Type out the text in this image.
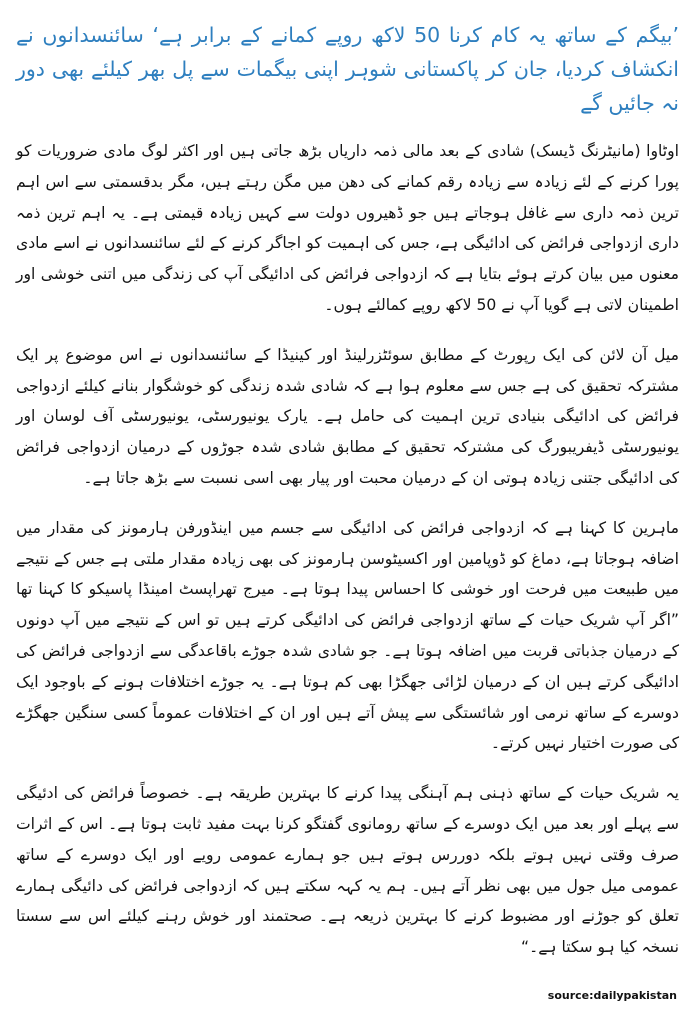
’بیگم کے ساتھ یہ کام کرنا 50 لاکھ روپے کمانے کے برابر ہے‘ سائنسدانوں نے انکشاف کردیا، جان کر پاکستانی شوہر اپنی بیگمات سے پل بھر کیلئے بھی دور نہ جائیں گے

اوٹاوا (مانیٹرنگ ڈیسک) شادی کے بعد مالی ذمہ داریاں بڑھ جاتی ہیں اور اکثر لوگ مادی ضروریات کو پورا کرنے کے لئے زیادہ سے زیادہ رقم کمانے کی دھن میں مگن رہتے ہیں، مگر بدقسمتی سے اس اہم ترین ذمہ داری سے غافل ہوجاتے ہیں جو ڈھیروں دولت سے کہیں زیادہ قیمتی ہے۔ یہ اہم ترین ذمہ داری ازدواجی فرائض کی ادائیگی ہے، جس کی اہمیت کو اجاگر کرنے کے لئے سائنسدانوں نے اسے مادی معنوں میں بیان کرتے ہوئے بتایا ہے کہ ازدواجی فرائض کی ادائیگی آپ کی زندگی میں اتنی خوشی اور اطمینان لاتی ہے گویا آپ نے 50 لاکھ روپے کمالئے ہوں۔

میل آن لائن کی ایک رپورٹ کے مطابق سوئٹزرلینڈ اور کینیڈا کے سائنسدانوں نے اس موضوع پر ایک مشترکہ تحقیق کی ہے جس سے معلوم ہوا ہے کہ شادی شدہ زندگی کو خوشگوار بنانے کیلئے ازدواجی فرائض کی ادائیگی بنیادی ترین اہمیت کی حامل ہے۔ یارک یونیورسٹی، یونیورسٹی آف لوسان اور یونیورسٹی ڈیفریبورگ کی مشترکہ تحقیق کے مطابق شادی شدہ جوڑوں کے درمیان ازدواجی فرائض کی ادائیگی جتنی زیادہ ہوتی ان کے درمیان محبت اور پیار بھی اسی نسبت سے بڑھ جاتا ہے۔

ماہرین کا کہنا ہے کہ ازدواجی فرائض کی ادائیگی سے جسم میں اینڈورفن ہارمونز کی مقدار میں اضافہ ہوجاتا ہے، دماغ کو ڈوپامین اور اکسیٹوسن ہارمونز کی بھی زیادہ مقدار ملتی ہے جس کے نتیجے میں طبیعت میں فرحت اور خوشی کا احساس پیدا ہوتا ہے۔ میرج تھراپسٹ امینڈا پاسیکو کا کہنا تھا ”اگر آپ شریک حیات کے ساتھ ازدواجی فرائض کی ادائیگی کرتے ہیں تو اس کے نتیجے میں آپ دونوں کے درمیان جذباتی قربت میں اضافہ ہوتا ہے۔ جو شادی شدہ جوڑے باقاعدگی سے ازدواجی فرائض کی ادائیگی کرتے ہیں ان کے درمیان لڑائی جھگڑا بھی کم ہوتا ہے۔ یہ جوڑے اختلافات ہونے کے باوجود ایک دوسرے کے ساتھ نرمی اور شائستگی سے پیش آتے ہیں اور ان کے اختلافات عموماً کسی سنگین جھگڑے کی صورت اختیار نہیں کرتے۔

یہ شریک حیات کے ساتھ ذہنی ہم آہنگی پیدا کرنے کا بہترین طریقہ ہے۔ خصوصاً فرائض کی ادئیگی سے پہلے اور بعد میں ایک دوسرے کے ساتھ رومانوی گفتگو کرنا بہت مفید ثابت ہوتا ہے۔ اس کے اثرات صرف وقتی نہیں ہوتے بلکہ دوررس ہوتے ہیں جو ہمارے عمومی رویے اور ایک دوسرے کے ساتھ عمومی میل جول میں بھی نظر آتے ہیں۔ ہم یہ کہہ سکتے ہیں کہ ازدواجی فرائض کی دائیگی ہمارے تعلق کو جوڑنے اور مضبوط کرنے کا بہترین ذریعہ ہے۔ صحتمند اور خوش رہنے کیلئے اس سے سستا نسخہ کیا ہو سکتا ہے۔“

source:dailypakistan
